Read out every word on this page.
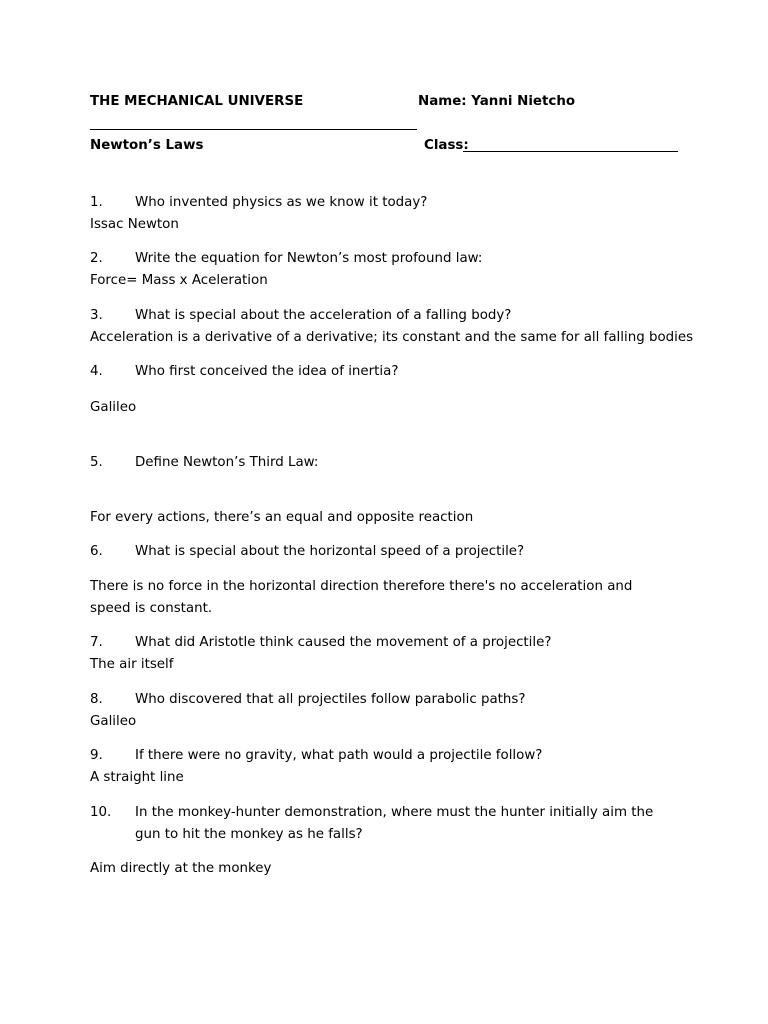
THE MECHANICAL UNIVERSE	Name: Yanni Nietcho
Newton’s Laws	Class:
1. Who invented physics as we know it today?
Issac Newton
2. Write the equation for Newton’s most profound law:
Force= Mass x Aceleration
3. What is special about the acceleration of a falling body?
Acceleration is a derivative of a derivative; its constant and the same for all falling bodies
4. Who first conceived the idea of inertia?
Galileo
5. Define Newton’s Third Law:
For every actions, there’s an equal and opposite reaction
6. What is special about the horizontal speed of a projectile?
There is no force in the horizontal direction therefore there's no acceleration and speed is constant.
7. What did Aristotle think caused the movement of a projectile?
The air itself
8. Who discovered that all projectiles follow parabolic paths?
Galileo
9. If there were no gravity, what path would a projectile follow?
A straight line
10. In the monkey-hunter demonstration, where must the hunter initially aim the gun to hit the monkey as he falls?
Aim directly at the monkey
